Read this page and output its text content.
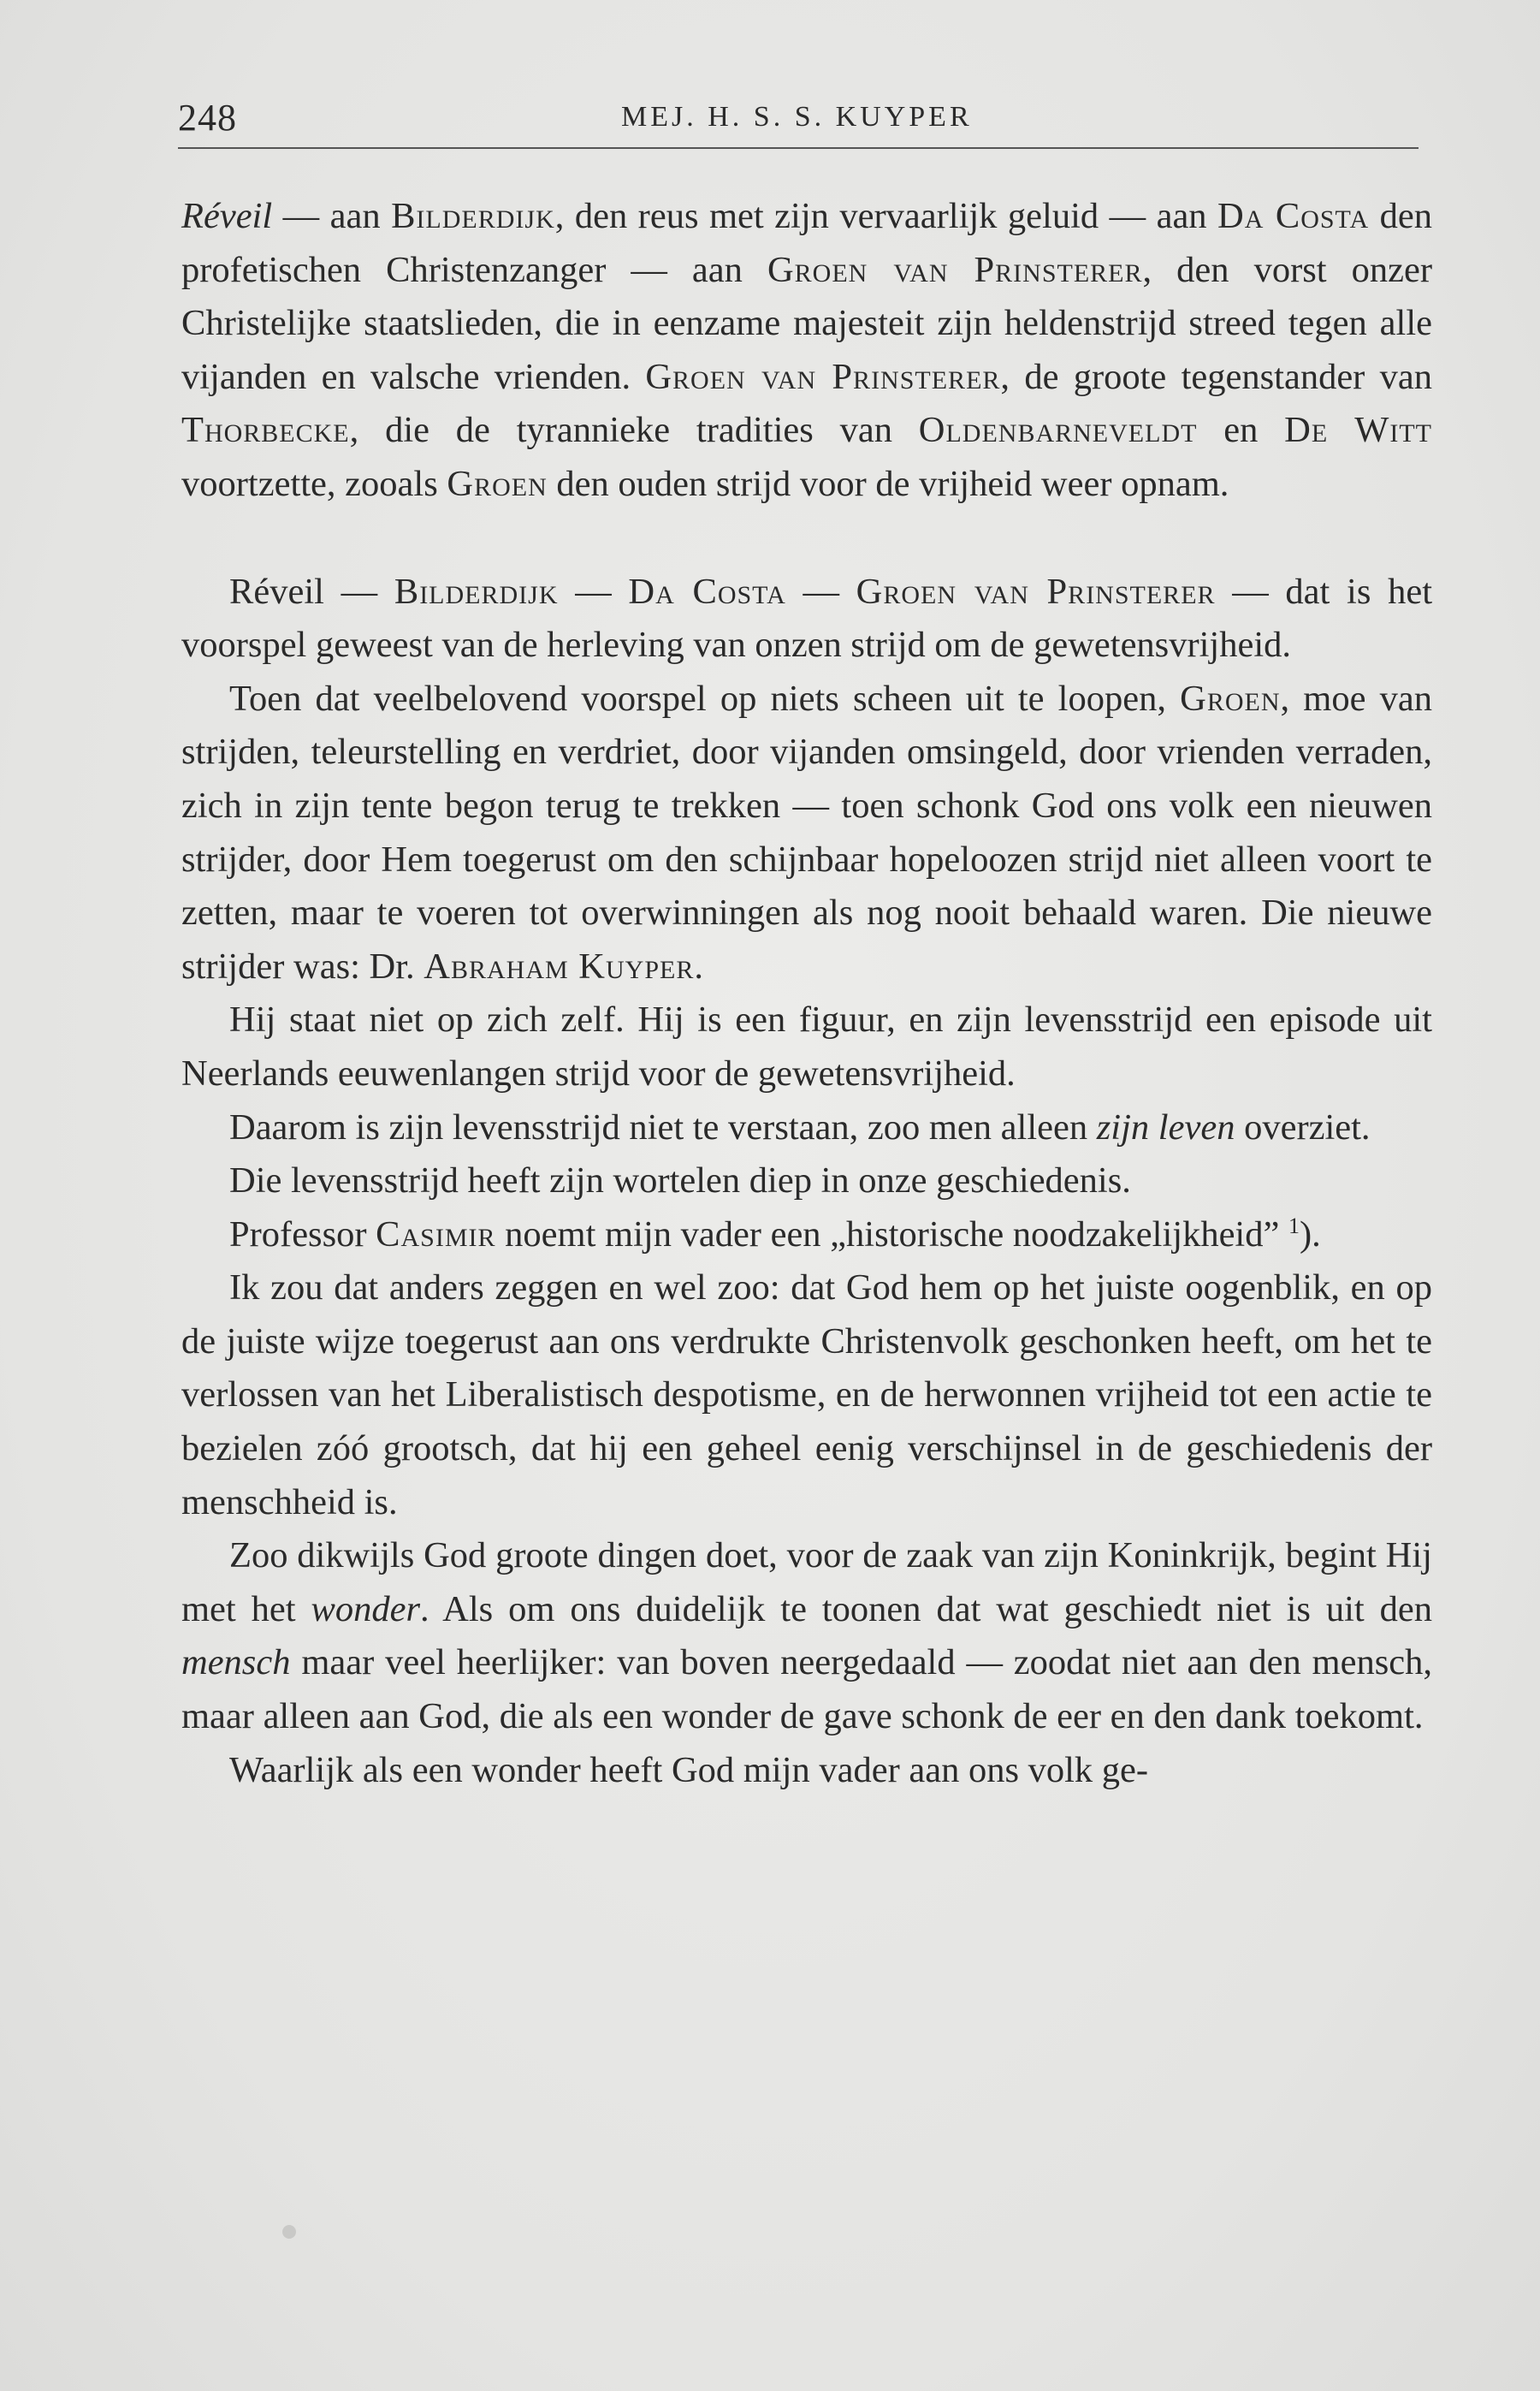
248	MEJ. H. S. S. KUYPER

Réveil — aan Bilderdijk, den reus met zijn vervaarlijk geluid — aan Da Costa den profetischen Christenzanger — aan Groen van Prinsterer, den vorst onzer Christelijke staatslieden, die in eenzame majesteit zijn heldenstrijd streed tegen alle vijanden en valsche vrienden. Groen van Prinsterer, de groote tegenstander van Thorbecke, die de tyrannieke tradities van Oldenbarneveldt en De Witt voortzette, zooals Groen den ouden strijd voor de vrijheid weer opnam.

Réveil — Bilderdijk — Da Costa — Groen van Prinsterer — dat is het voorspel geweest van de herleving van onzen strijd om de gewetensvrijheid.

Toen dat veelbelovend voorspel op niets scheen uit te loopen, Groen, moe van strijden, teleurstelling en verdriet, door vijanden omsingeld, door vrienden verraden, zich in zijn tente begon terug te trekken — toen schonk God ons volk een nieuwen strijder, door Hem toegerust om den schijnbaar hopeloozen strijd niet alleen voort te zetten, maar te voeren tot overwinningen als nog nooit behaald waren. Die nieuwe strijder was: Dr. Abraham Kuyper.

Hij staat niet op zich zelf. Hij is een figuur, en zijn levensstrijd een episode uit Neerlands eeuwenlangen strijd voor de gewetensvrijheid.

Daarom is zijn levensstrijd niet te verstaan, zoo men alleen zijn leven overziet.

Die levensstrijd heeft zijn wortelen diep in onze geschiedenis.

Professor Casimir noemt mijn vader een „historische noodzakelijkheid” $^1$).

Ik zou dat anders zeggen en wel zoo: dat God hem op het juiste oogenblik, en op de juiste wijze toegerust aan ons verdrukte Christenvolk geschonken heeft, om het te verlossen van het Liberalistisch despotisme, en de herwonnen vrijheid tot een actie te bezielen zóó grootsch, dat hij een geheel eenig verschijnsel in de geschiedenis der menschheid is.

Zoo dikwijls God groote dingen doet, voor de zaak van zijn Koninkrijk, begint Hij met het wonder. Als om ons duidelijk te toonen dat wat geschiedt niet is uit den mensch maar veel heerlijker: van boven neergedaald — zoodat niet aan den mensch, maar alleen aan God, die als een wonder de gave schonk de eer en den dank toekomt.

Waarlijk als een wonder heeft God mijn vader aan ons volk ge-
